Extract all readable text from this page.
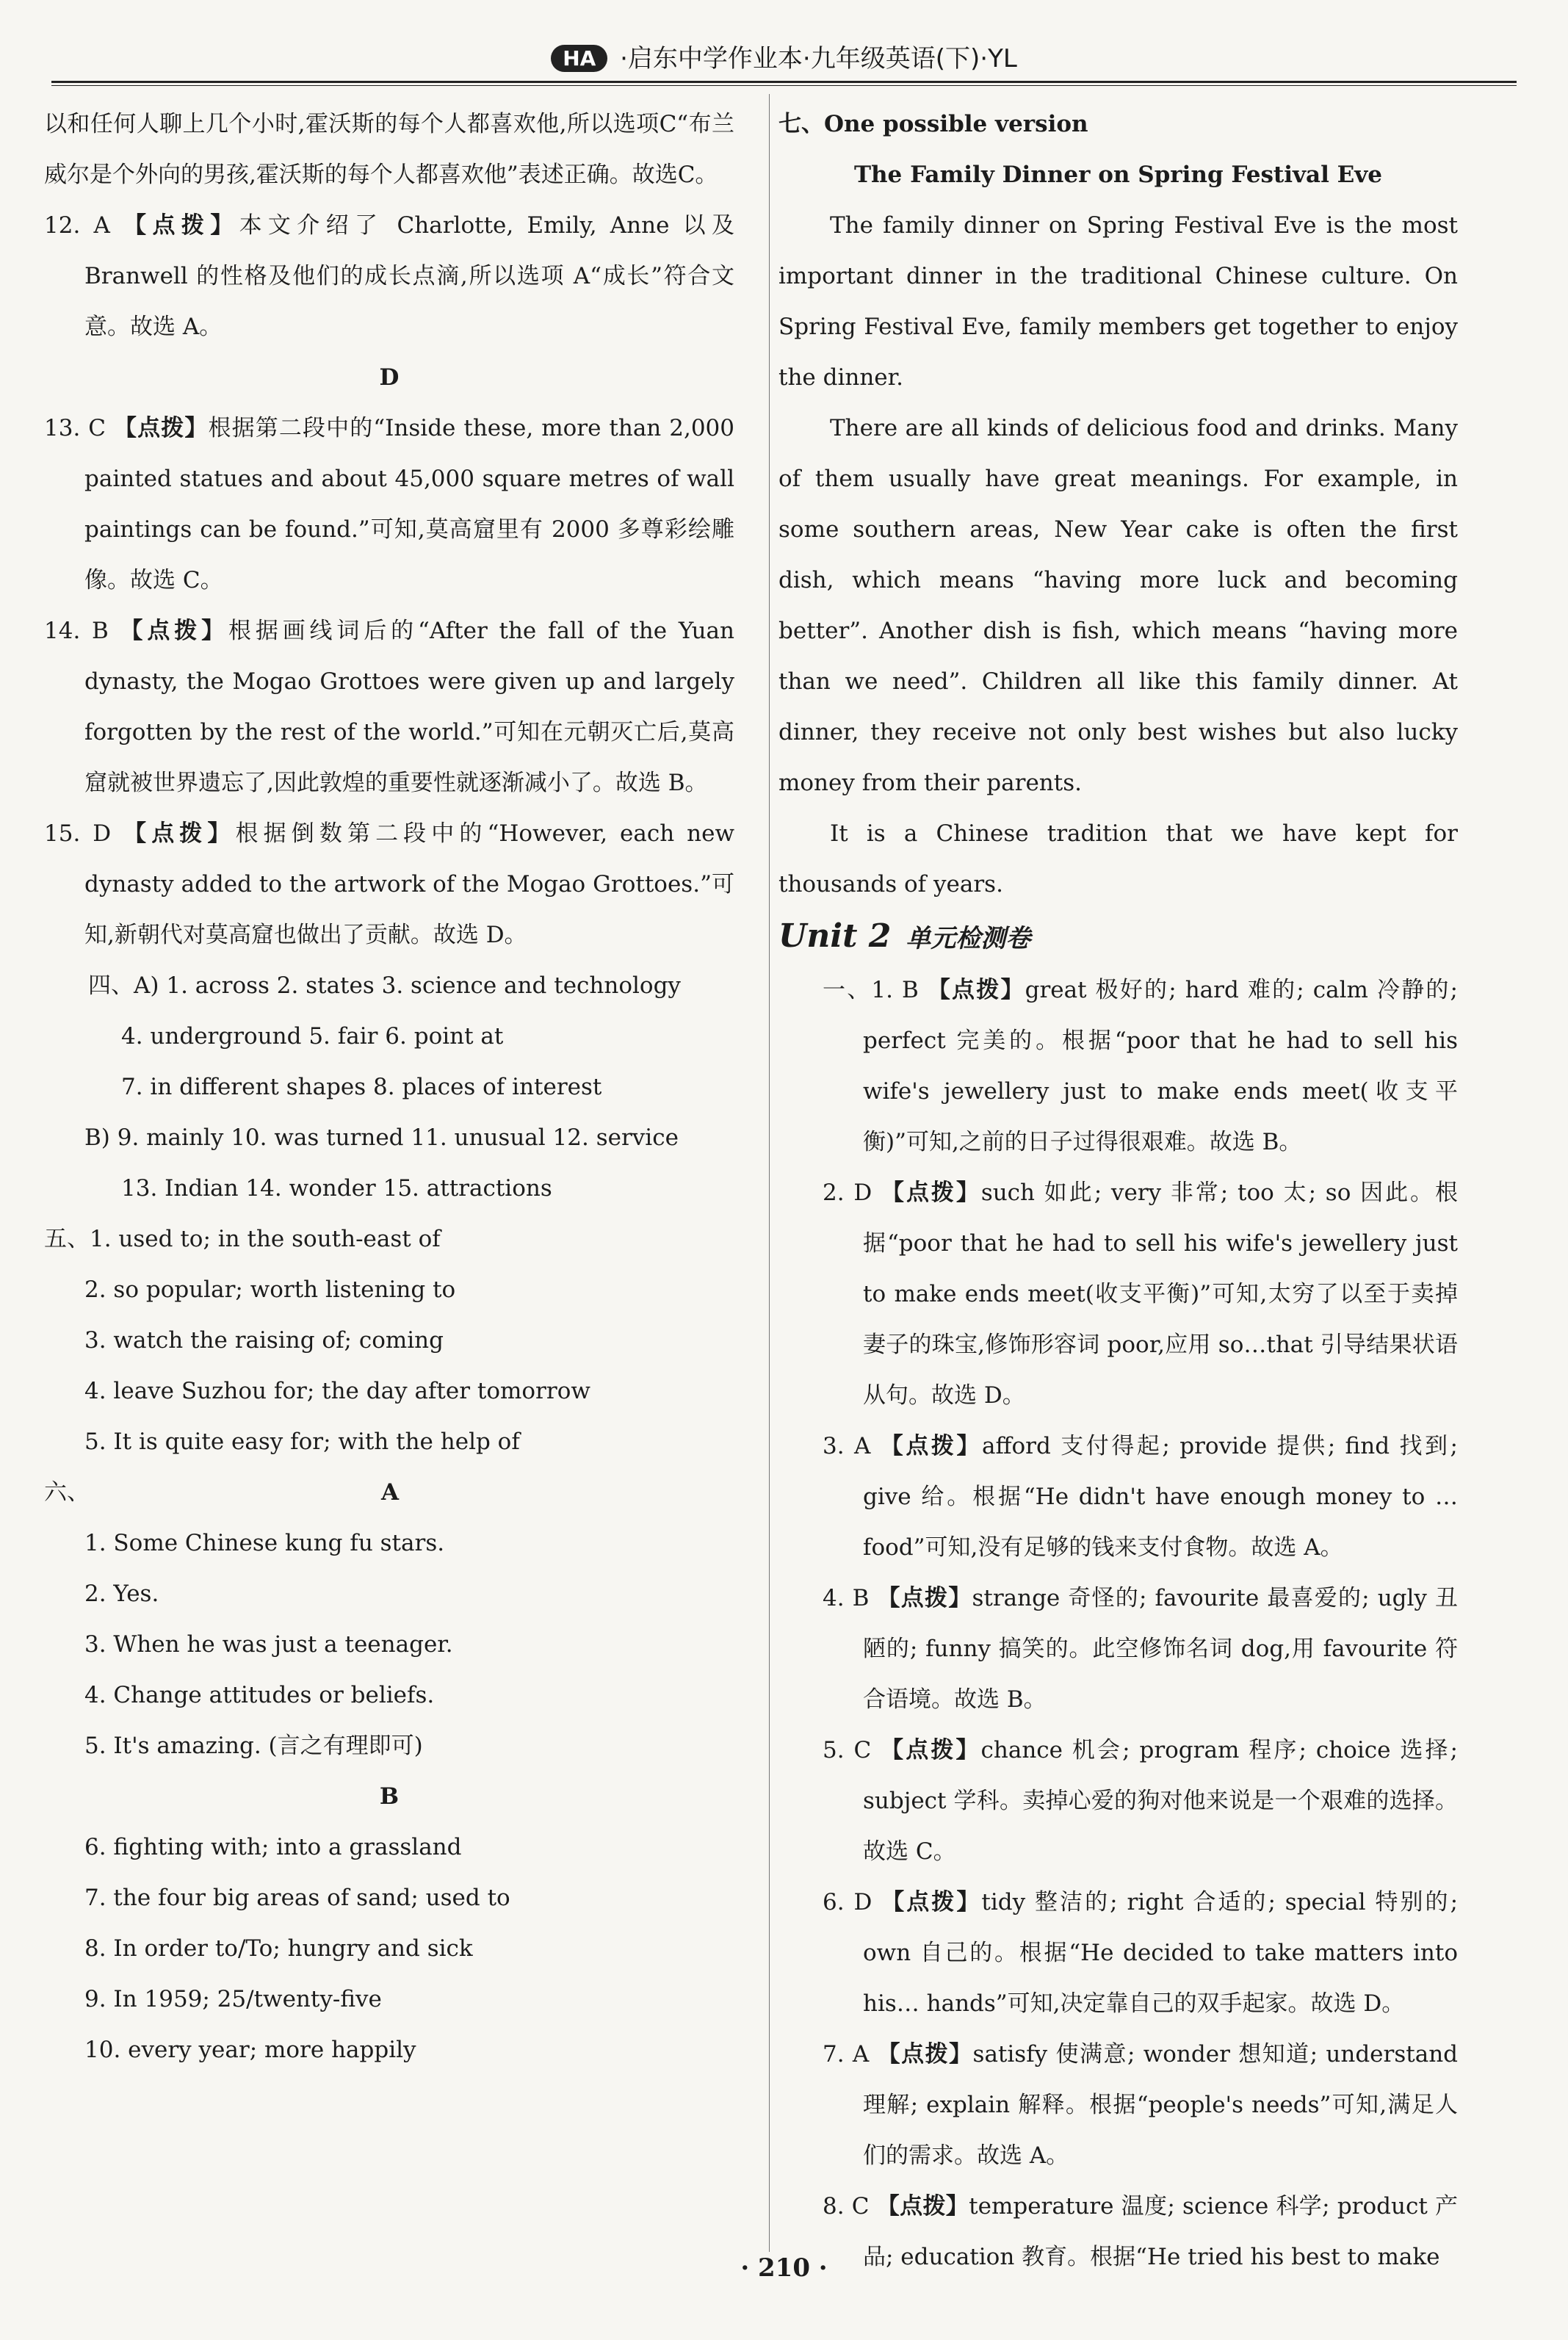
HA ·启东中学作业本·九年级英语(下)·YL

以和任何人聊上几个小时,霍沃斯的每个人都喜欢他,所以选项C“布兰威尔是个外向的男孩,霍沃斯的每个人都喜欢他”表述正确。故选C。

12. A 【点拨】本文介绍了 Charlotte, Emily, Anne 以及 Branwell 的性格及他们的成长点滴,所以选项 A“成长”符合文意。故选 A。

D

13. C 【点拨】根据第二段中的“Inside these, more than 2,000 painted statues and about 45,000 square metres of wall paintings can be found.”可知,莫高窟里有 2000 多尊彩绘雕像。故选 C。

14. B 【点拨】根据画线词后的“After the fall of the Yuan dynasty, the Mogao Grottoes were given up and largely forgotten by the rest of the world.”可知在元朝灭亡后,莫高窟就被世界遗忘了,因此敦煌的重要性就逐渐减小了。故选 B。

15. D 【点拨】根据倒数第二段中的“However, each new dynasty added to the artwork of the Mogao Grottoes.”可知,新朝代对莫高窟也做出了贡献。故选 D。

四、A) 1. across 2. states 3. science and technology

4. underground 5. fair 6. point at

7. in different shapes 8. places of interest

B) 9. mainly 10. was turned 11. unusual 12. service

13. Indian 14. wonder 15. attractions

五、1. used to; in the south-east of

2. so popular; worth listening to

3. watch the raising of; coming

4. leave Suzhou for; the day after tomorrow

5. It is quite easy for; with the help of

六、	A

1. Some Chinese kung fu stars.

2. Yes.

3. When he was just a teenager.

4. Change attitudes or beliefs.

5. It's amazing. (言之有理即可)

B

6. fighting with; into a grassland

7. the four big areas of sand; used to

8. In order to/To; hungry and sick

9. In 1959; 25/twenty-five

10. every year; more happily

七、One possible version

The Family Dinner on Spring Festival Eve

The family dinner on Spring Festival Eve is the most important dinner in the traditional Chinese culture. On Spring Festival Eve, family members get together to enjoy the dinner.

There are all kinds of delicious food and drinks. Many of them usually have great meanings. For example, in some southern areas, New Year cake is often the first dish, which means “having more luck and becoming better”. Another dish is fish, which means “having more than we need”. Children all like this family dinner. At dinner, they receive not only best wishes but also lucky money from their parents.

It is a Chinese tradition that we have kept for thousands of years.

Unit 2 单元检测卷

一、1. B 【点拨】great 极好的; hard 难的; calm 冷静的; perfect 完美的。根据“poor that he had to sell his wife's jewellery just to make ends meet(收支平衡)”可知,之前的日子过得很艰难。故选 B。

2. D 【点拨】such 如此; very 非常; too 太; so 因此。根据“poor that he had to sell his wife's jewellery just to make ends meet(收支平衡)”可知,太穷了以至于卖掉妻子的珠宝,修饰形容词 poor,应用 so…that 引导结果状语从句。故选 D。

3. A 【点拨】afford 支付得起; provide 提供; find 找到; give 给。根据“He didn't have enough money to … food”可知,没有足够的钱来支付食物。故选 A。

4. B 【点拨】strange 奇怪的; favourite 最喜爱的; ugly 丑陋的; funny 搞笑的。此空修饰名词 dog,用 favourite 符合语境。故选 B。

5. C 【点拨】chance 机会; program 程序; choice 选择; subject 学科。卖掉心爱的狗对他来说是一个艰难的选择。故选 C。

6. D 【点拨】tidy 整洁的; right 合适的; special 特别的; own 自己的。根据“He decided to take matters into his… hands”可知,决定靠自己的双手起家。故选 D。

7. A 【点拨】satisfy 使满意; wonder 想知道; understand 理解; explain 解释。根据“people's needs”可知,满足人们的需求。故选 A。

8. C 【点拨】temperature 温度; science 科学; product 产品; education 教育。根据“He tried his best to make

· 210 ·
